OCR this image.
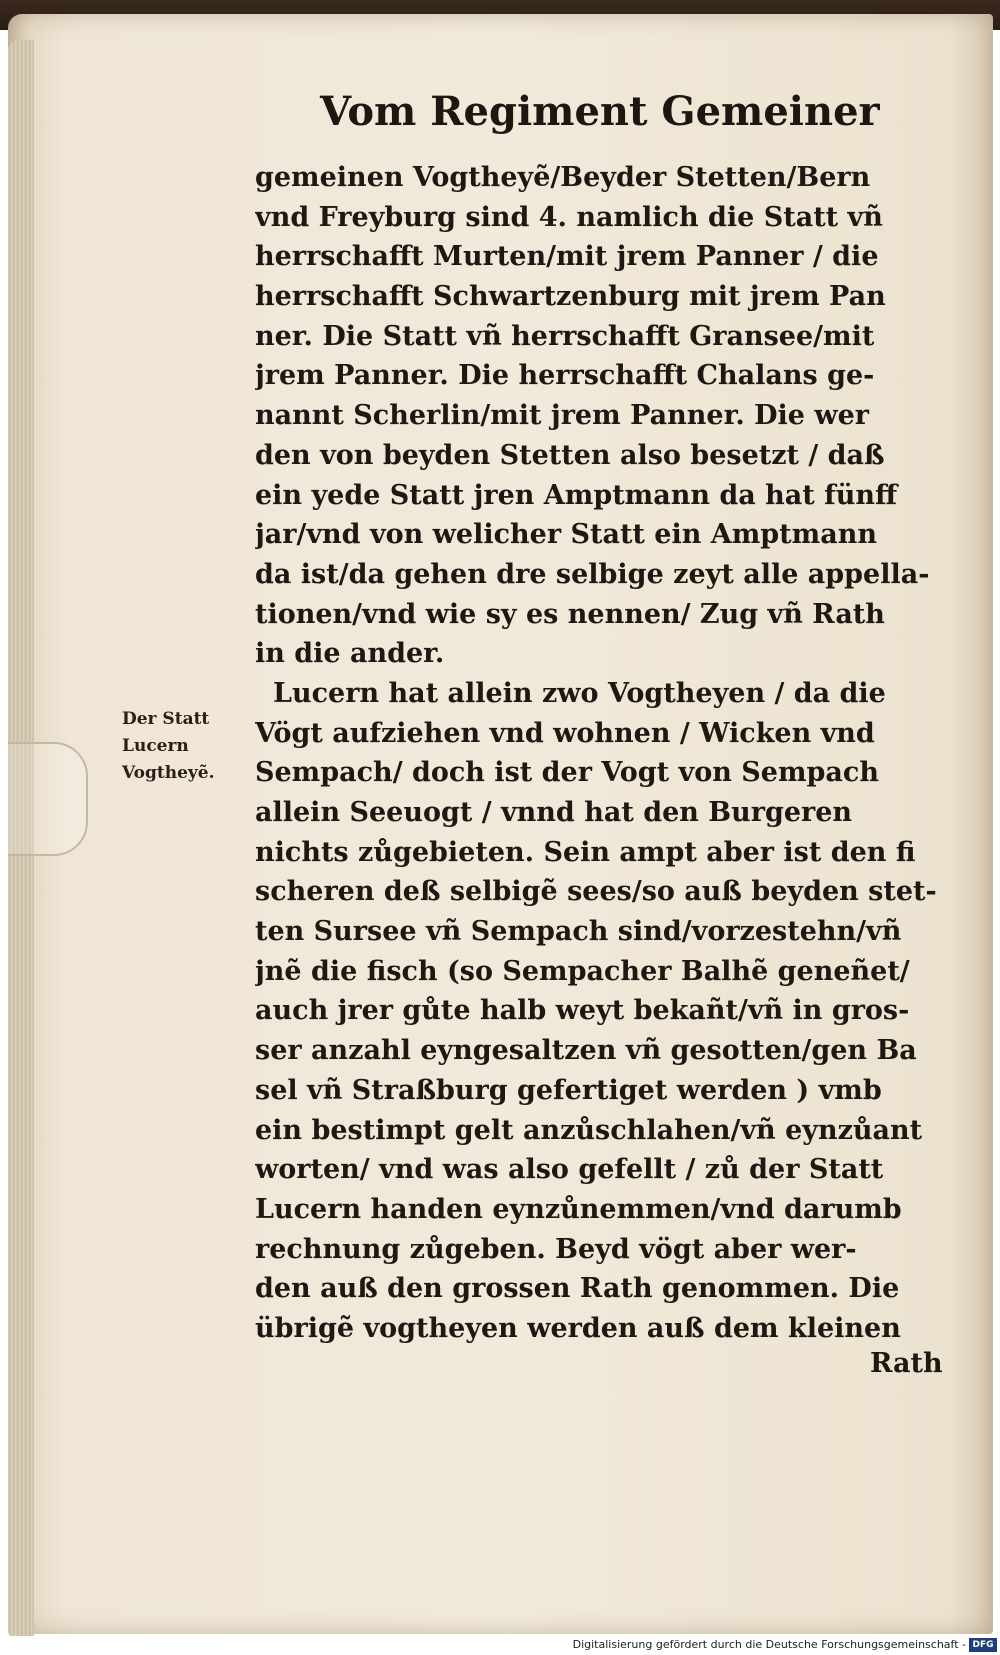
Vom Regiment Gemeiner
gemeinen Vogtheyẽ/Beyder Stetten/Bern
vnd Freyburg sind 4. namlich die Statt vñ
herrschafft Murten/mit jrem Panner / die
herrschafft Schwartzenburg mit jrem Pan
ner. Die Statt vñ herrschafft Gransee/mit
jrem Panner. Die herrschafft Chalans ge-
nannt Scherlin/mit jrem Panner. Die wer
den von beyden Stetten also besetzt / daß
ein yede Statt jren Amptmann da hat fünff
jar/vnd von welicher Statt ein Amptmann
da ist/da gehen dre selbige zeyt alle appella-
tionen/vnd wie sy es nennen/ Zug vñ Rath
in die ander.
Lucern hat allein zwo Vogtheyen / da die
Vögt aufziehen vnd wohnen / Wicken vnd
Sempach/ doch ist der Vogt von Sempach
allein Seeuogt / vnnd hat den Burgeren
nichts zůgebieten. Sein ampt aber ist den fi
scheren deß selbigẽ sees/so auß beyden stet-
ten Sursee vñ Sempach sind/vorzestehn/vñ
jnẽ die fisch (so Sempacher Balhẽ geneñet/
auch jrer gůte halb weyt bekañt/vñ in gros-
ser anzahl eyngesaltzen vñ gesotten/gen Ba
sel vñ Straßburg gefertiget werden ) vmb
ein bestimpt gelt anzůschlahen/vñ eynzůant
worten/ vnd was also gefellt / zů der Statt
Lucern handen eynzůnemmen/vnd darumb
rechnung zůgeben. Beyd vögt aber wer-
den auß den grossen Rath genommen. Die
übrigẽ vogtheyen werden auß dem kleinen
Rath
Der Statt
Lucern
Vogtheyẽ.
Digitalisierung gefördert durch die Deutsche Forschungsgemeinschaft - DFG
